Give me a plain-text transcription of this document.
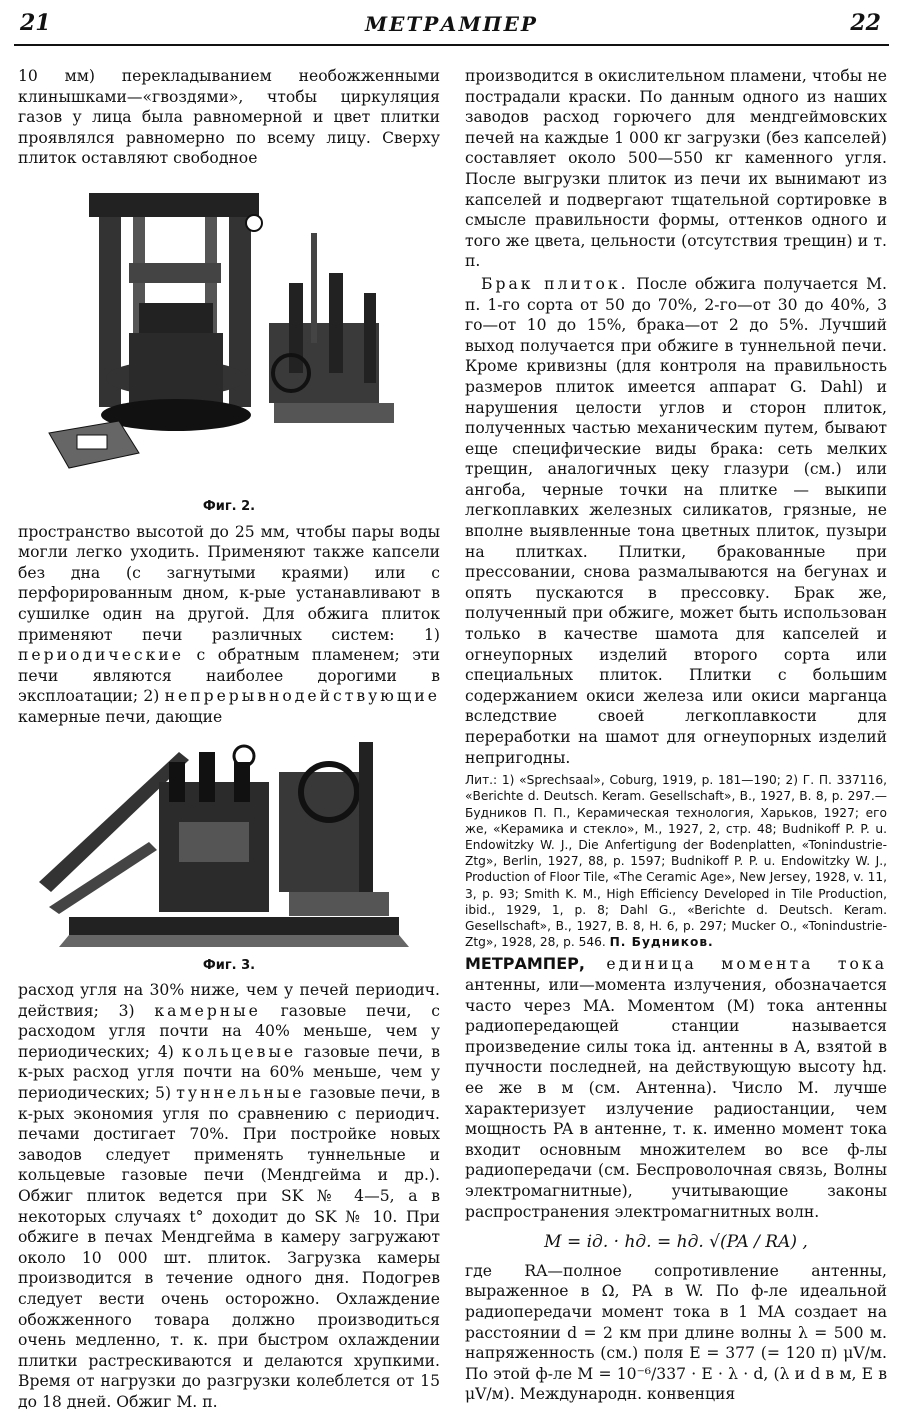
21	МЕТРАМПЕР	22

10 мм) перекладыванием необожженными клинышками—«гвоздями», чтобы циркуляция газов у лица была равномерной и цвет плитки проявлялся равномерно по всему лицу. Сверху плиток оставляют свободное

Фиг. 2.

пространство высотой до 25 мм, чтобы пары воды могли легко уходить. Применяют также капсели без дна (с загнутыми краями) или с перфорированным дном, к-рые устанавливают в сушилке один на другой. Для обжига плиток применяют печи различных систем: 1) периодические с обратным пламенем; эти печи являются наиболее дорогими в эксплоатации; 2) непрерывнодействующие камерные печи, дающие

Фиг. 3.

расход угля на 30% ниже, чем у печей периодич. действия; 3) камерные газовые печи, с расходом угля почти на 40% меньше, чем у периодических; 4) кольцевые газовые печи, в к-рых расход угля почти на 60% меньше, чем у периодических; 5) туннельные газовые печи, в к-рых экономия угля по сравнению с периодич. печами достигает 70%. При постройке новых заводов следует применять туннельные и кольцевые газовые печи (Мендгейма и др.). Обжиг плиток ведется при SK № 4—5, а в некоторых случаях t° доходит до SK № 10. При обжиге в печах Мендгейма в камеру загружают около 10 000 шт. плиток. Загрузка камеры производится в течение одного дня. Подогрев следует вести очень осторожно. Охлаждение обожженного товара должно производиться очень медленно, т. к. при быстром охлаждении плитки растрескиваются и делаются хрупкими. Время от нагрузки до разгрузки колеблется от 15 до 18 дней. Обжиг М. п.

производится в окислительном пламени, чтобы не пострадали краски. По данным одного из наших заводов расход горючего для мендгеймовских печей на каждые 1 000 кг загрузки (без капселей) составляет около 500—550 кг каменного угля. После выгрузки плиток из печи их вынимают из капселей и подвергают тщательной сортировке в смысле правильности формы, оттенков одного и того же цвета, цельности (отсутствия трещин) и т. п.

Брак плиток. После обжига получается М. п. 1-го сорта от 50 до 70%, 2-го—от 30 до 40%, 3 го—от 10 до 15%, брака—от 2 до 5%. Лучший выход получается при обжиге в туннельной печи. Кроме кривизны (для контроля на правильность размеров плиток имеется аппарат G. Dahl) и нарушения целости углов и сторон плиток, полученных частью механическим путем, бывают еще специфические виды брака: сеть мелких трещин, аналогичных цеку глазури (см.) или ангоба, черные точки на плитке — выкипи легкоплавких железных силикатов, грязные, не вполне выявленные тона цветных плиток, пузыри на плитках. Плитки, бракованные при прессовании, снова размалываются на бегунах и опять пускаются в прессовку. Брак же, полученный при обжиге, может быть использован только в качестве шамота для капселей и огнеупорных изделий второго сорта или специальных плиток. Плитки с большим содержанием окиси железа или окиси марганца вследствие своей легкоплавкости для переработки на шамот для огнеупорных изделий непригодны.

Лит.: 1) «Sprechsaal», Coburg, 1919, p. 181—190; 2) Г. П. 337116, «Berichte d. Deutsch. Keram. Gesellschaft», B., 1927, B. 8, p. 297.—Будников П. П., Керамическая технология, Харьков, 1927; его же, «Керамика и стекло», М., 1927, 2, стр. 48; Budnikoff P. P. u. Endowitzky W. J., Die Anfertigung der Bodenplatten, «Tonindustrie-Ztg», Berlin, 1927, 88, p. 1597; Budnikoff P. P. u. Endowitzky W. J., Production of Floor Tile, «The Ceramic Age», New Jersey, 1928, v. 11, 3, p. 93; Smith K. M., High Efficiency Developed in Tile Production, ibid., 1929, 1, p. 8; Dahl G., «Berichte d. Deutsch. Keram. Gesellschaft», B., 1927, B. 8, H. 6, p. 297; Mucker O., «Tonindustrie-Ztg», 1928, 28, p. 546. П. Будников.

МЕТРАМПЕР, единица момента тока антенны, или—момента излучения, обозначается часто через MA. Моментом (M) тока антенны радиопередающей станции называется произведение силы тока iд. антенны в А, взятой в пучности последней, на действующую высоту hд. ее же в м (см. Антенна). Число М. лучше характеризует излучение радиостанции, чем мощность PA в антенне, т. к. именно момент тока входит основным множителем во все ф-лы радиопередачи (см. Беспроволочная связь, Волны электромагнитные), учитывающие законы распространения электромагнитных волн.

M = iд. · hд. = hд. √(PA / RA) ,

где RA—полное сопротивление антенны, выраженное в Ω, PA в W. По ф-ле идеальной радиопередачи момент тока в 1 MA создает на расстоянии d = 2 км при длине волны λ = 500 м. напряженность (см.) поля E = 377 (= 120 π) μV/м. По этой ф-ле M = 10⁻⁶/337 · E · λ · d, (λ и d в м, E в μV/м). Международн. конвенция
